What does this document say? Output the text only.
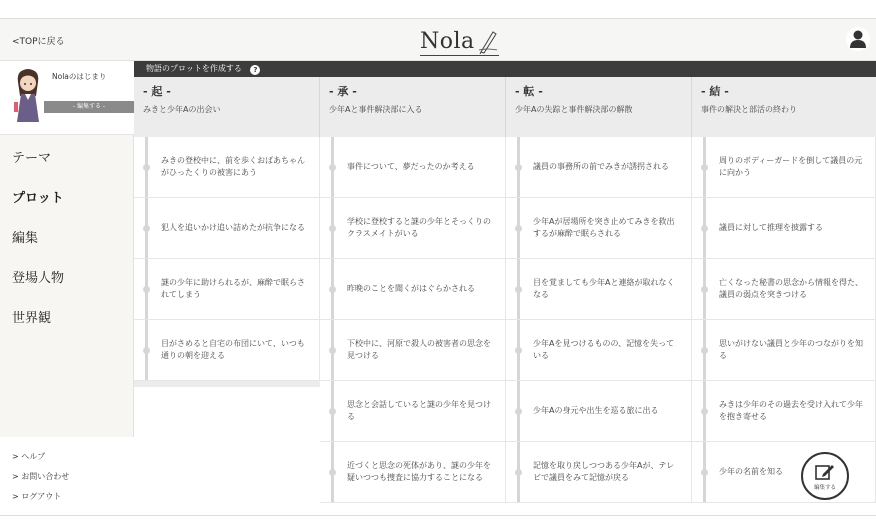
<TOPに戻る	Nola
Nolaのはじまり
- 編集する -
テーマ
プロット
編集
登場人物
世界観
> ヘルプ
> お問い合わせ
> ログアウト
物語のプロットを作成する ?
- 起 -
みきと少年Aの出会い
みきの登校中に、前を歩くおばあちゃんがひったくりの被害にあう
犯人を追いかけ追い詰めたが抗争になる
謎の少年に助けられるが、麻酔で眠らされてしまう
目がさめると自宅の布団にいて、いつも通りの朝を迎える
- 承 -
少年Aと事件解決部に入る
事件について、夢だったのか考える
学校に登校すると謎の少年とそっくりのクラスメイトがいる
昨晩のことを聞くがはぐらかされる
下校中に、河原で殺人の被害者の思念を見つける
思念と会話していると謎の少年を見つける
近づくと思念の死体があり、謎の少年を疑いつつも捜査に協力することになる
- 転 -
少年Aの失踪と事件解決部の解散
議員の事務所の前でみきが誘拐される
少年Aが居場所を突き止めてみきを救出するが麻酔で眠らされる
目を覚ましても少年Aと連絡が取れなくなる
少年Aを見つけるものの、記憶を失っている
少年Aの身元や出生を巡る旅に出る
記憶を取り戻しつつある少年Aが、テレビで議員をみて記憶が戻る
- 結 -
事件の解決と部活の終わり
周りのボディーガードを倒して議員の元に向かう
議員に対して推理を披露する
亡くなった秘書の思念から情報を得た、議員の弱点を突きつける
思いがけない議員と少年のつながりを知る
みきは少年のその過去を受け入れて少年を抱き寄せる
少年の名前を知る
編集する
